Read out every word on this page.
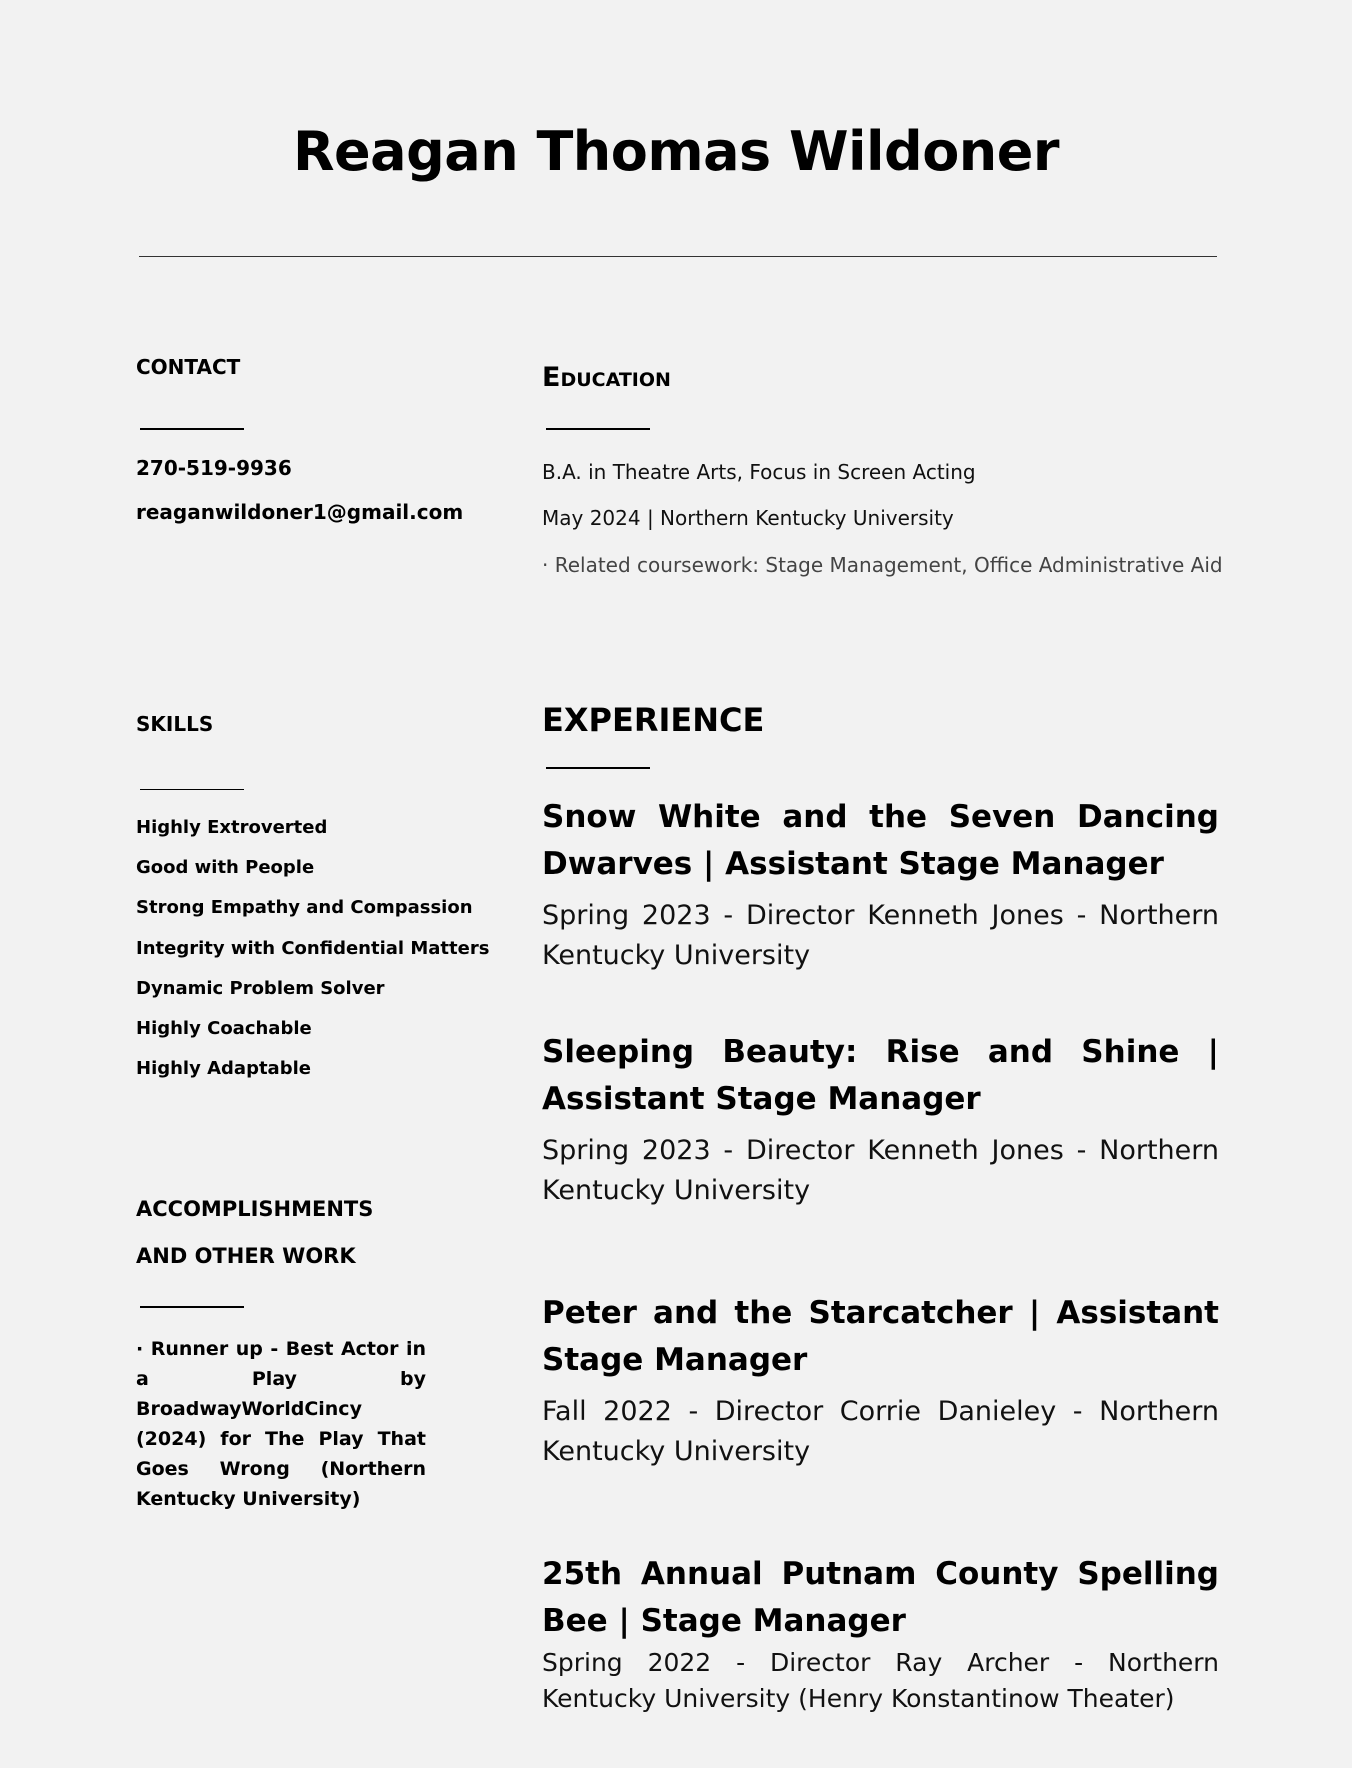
Reagan Thomas Wildoner
CONTACT

270-519-9936

reaganwildoner1@gmail.com

SKILLS
Highly Extroverted
Good with People
Strong Empathy and Compassion
Integrity with Confidential Matters
Dynamic Problem Solver
Highly Coachable
Highly Adaptable
ACCOMPLISHMENTS AND OTHER WORK

· Runner up - Best Actor in a Play by BroadwayWorldCincy (2024) for The Play That Goes Wrong (Northern Kentucky University)

Education
B.A. in Theatre Arts, Focus in Screen Acting
May 2024 | Northern Kentucky University
· Related coursework: Stage Management, Office Administrative Aid
EXPERIENCE

Snow White and the Seven Dancing Dwarves | Assistant Stage Manager

Spring 2023 - Director Kenneth Jones - Northern Kentucky University

Sleeping Beauty: Rise and Shine | Assistant Stage Manager

Spring 2023 - Director Kenneth Jones - Northern Kentucky University

Peter and the Starcatcher | Assistant Stage Manager

Fall 2022 - Director Corrie Danieley - Northern Kentucky University

25th Annual Putnam County Spelling Bee | Stage Manager

Spring 2022 - Director Ray Archer - Northern Kentucky University (Henry Konstantinow Theater)
